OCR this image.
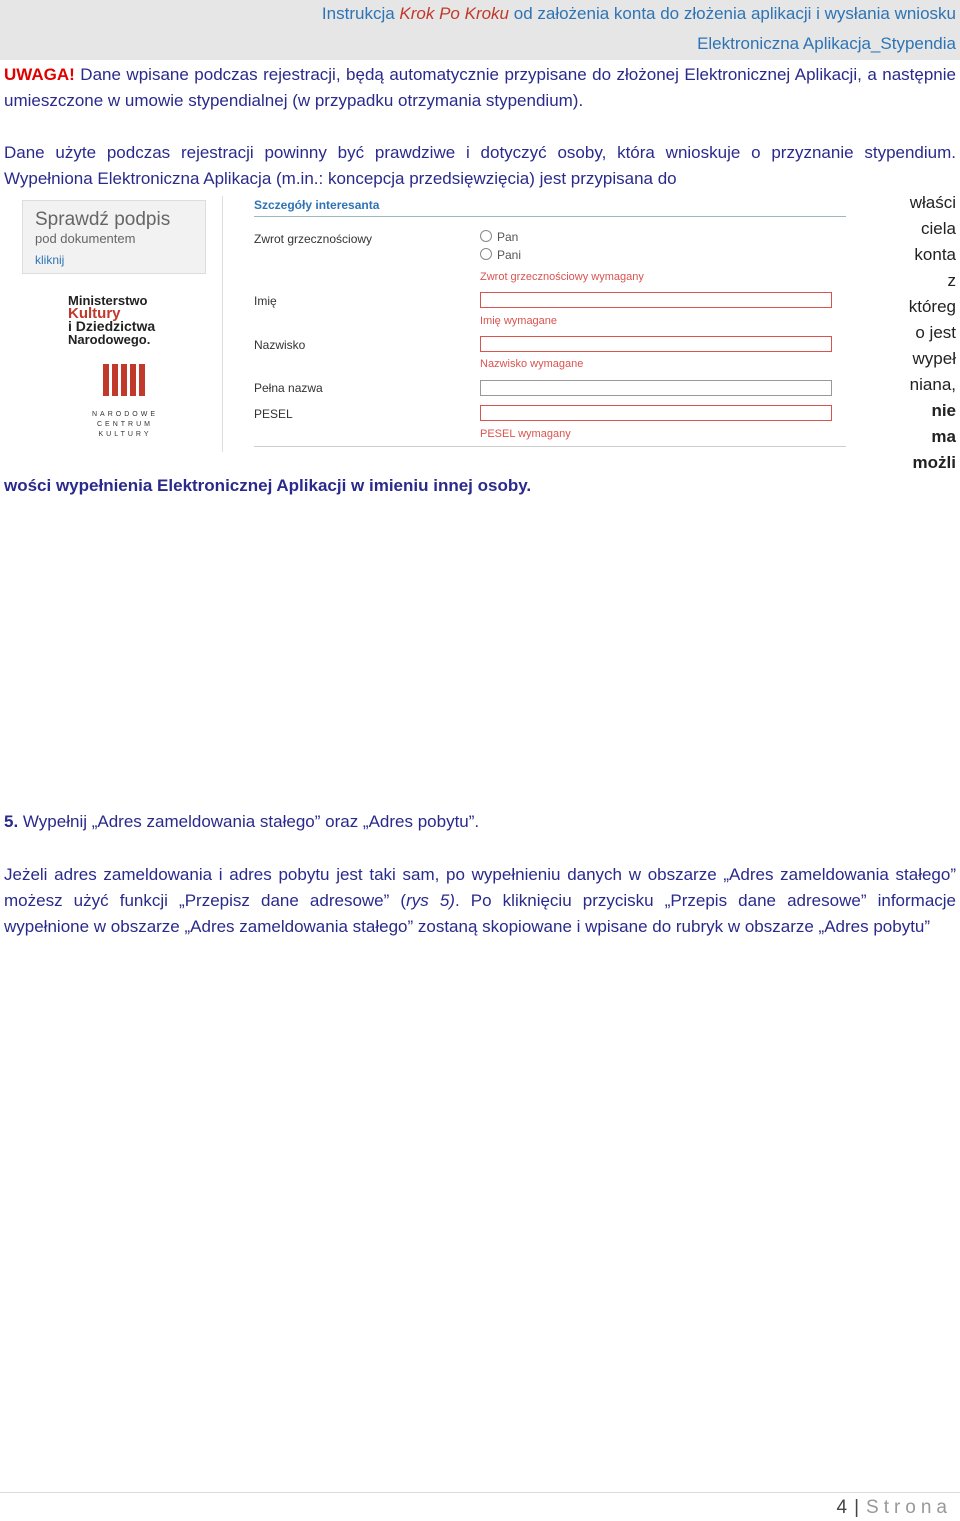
Instrukcja Krok Po Kroku od założenia konta do złożenia aplikacji i wysłania wniosku
Elektroniczna Aplikacja_Stypendia
UWAGA! Dane wpisane podczas rejestracji, będą automatycznie przypisane do złożonej Elektronicznej Aplikacji, a następnie umieszczone w umowie stypendialnej (w przypadku otrzymania stypendium).
Dane użyte podczas rejestracji powinny być prawdziwe i dotyczyć osoby, która wnioskuje o przyznanie stypendium. Wypełniona Elektroniczna Aplikacja (m.in.: koncepcja przedsięwzięcia) jest przypisana do
właści
ciela
konta
z
któreg
o jest
wypeł
niana,
nie
ma
możli
Sprawdź podpis
pod dokumentem
kliknij
Ministerstwo
Kultury
i Dziedzictwa
Narodowego.
NARODOWE
CENTRUM
KULTURY
Szczegóły interesanta
Zwrot grzecznościowy	Pan
Pani
Zwrot grzecznościowy wymagany
Imię
Imię wymagane
Nazwisko
Nazwisko wymagane
Pełna nazwa
PESEL
PESEL wymagany
wości wypełnienia Elektronicznej Aplikacji w imieniu innej osoby.
5. Wypełnij „Adres zameldowania stałego” oraz „Adres pobytu”.
Jeżeli adres zameldowania i adres pobytu jest taki sam, po wypełnieniu danych w obszarze „Adres zameldowania stałego” możesz użyć funkcji „Przepisz dane adresowe” (rys 5). Po kliknięciu przycisku „Przepis dane adresowe” informacje wypełnione w obszarze „Adres zameldowania stałego” zostaną skopiowane i wpisane do rubryk w obszarze „Adres pobytu”
4 | Strona
